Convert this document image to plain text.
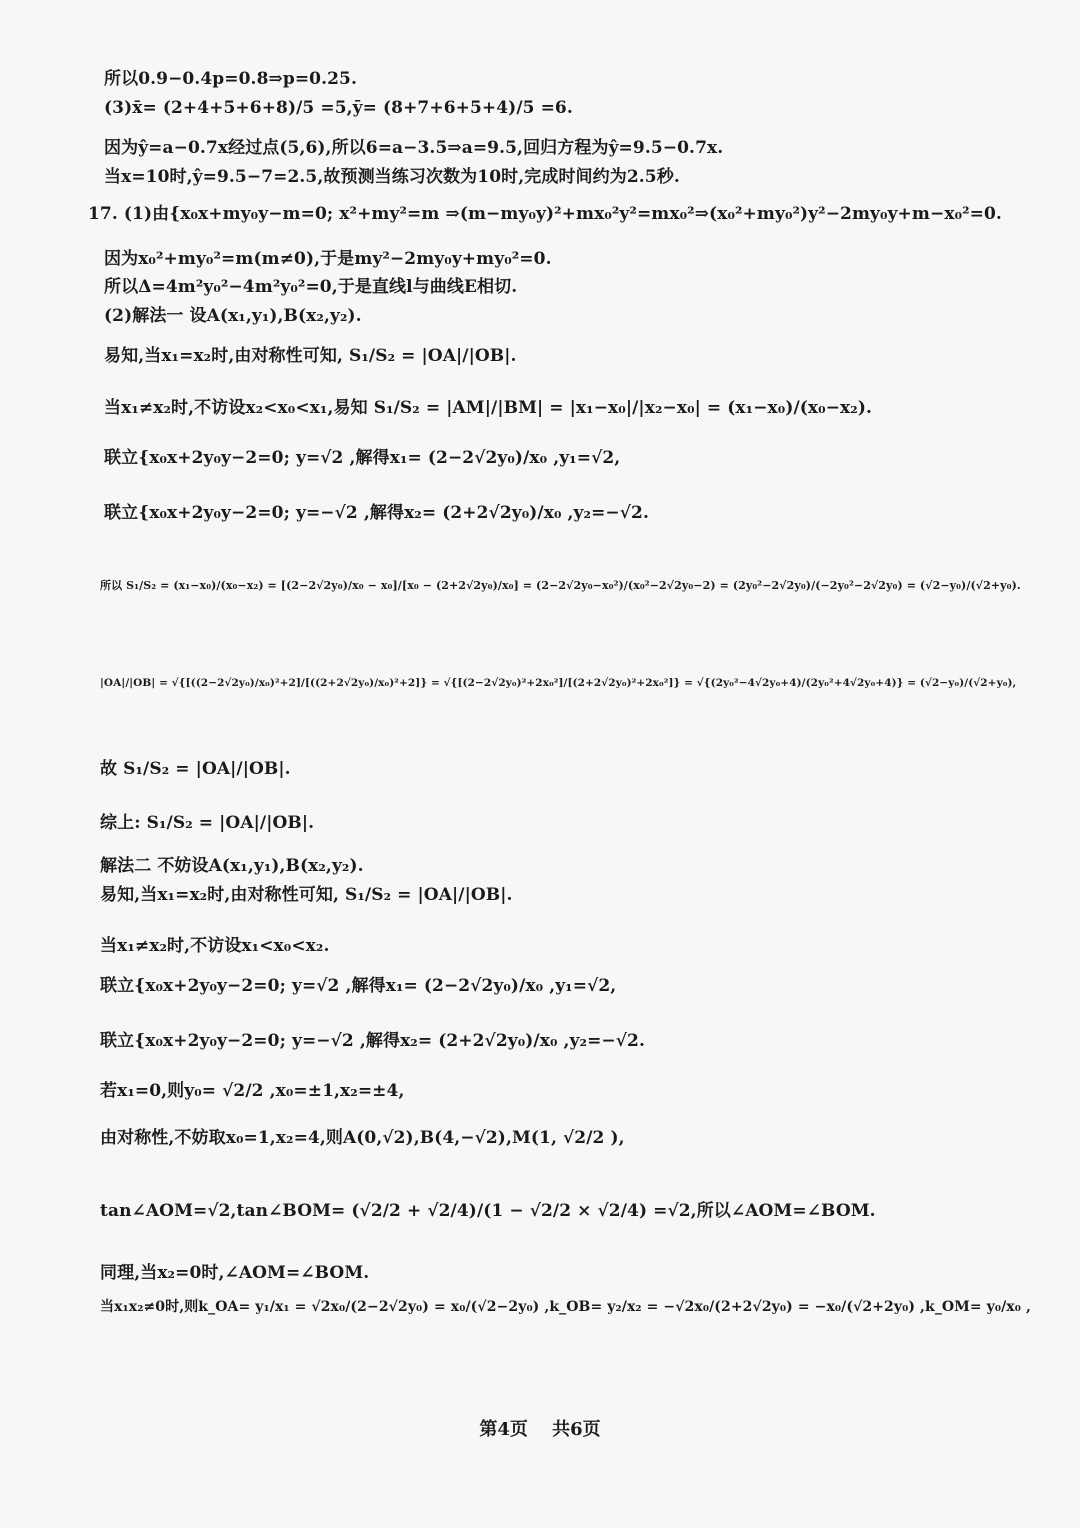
所以0.9−0.4p=0.8⇒p=0.25.
(3)x̄= (2+4+5+6+8)/5 =5,ȳ= (8+7+6+5+4)/5 =6.
因为ŷ=a−0.7x经过点(5,6),所以6=a−3.5⇒a=9.5,回归方程为ŷ=9.5−0.7x.
当x=10时,ŷ=9.5−7=2.5,故预测当练习次数为10时,完成时间约为2.5秒.
17. (1)由{x₀x+my₀y−m=0; x²+my²=m ⇒(m−my₀y)²+mx₀²y²=mx₀²⇒(x₀²+my₀²)y²−2my₀y+m−x₀²=0.
因为x₀²+my₀²=m(m≠0),于是my²−2my₀y+my₀²=0.
所以Δ=4m²y₀²−4m²y₀²=0,于是直线l与曲线E相切.
(2)解法一 设A(x₁,y₁),B(x₂,y₂).
易知,当x₁=x₂时,由对称性可知, S₁/S₂ = |OA|/|OB|.
当x₁≠x₂时,不访设x₂<x₀<x₁,易知 S₁/S₂ = |AM|/|BM| = |x₁−x₀|/|x₂−x₀| = (x₁−x₀)/(x₀−x₂).
联立{x₀x+2y₀y−2=0; y=√2 ,解得x₁= (2−2√2y₀)/x₀ ,y₁=√2,
联立{x₀x+2y₀y−2=0; y=−√2 ,解得x₂= (2+2√2y₀)/x₀ ,y₂=−√2.
所以 S₁/S₂ = (x₁−x₀)/(x₀−x₂) = [(2−2√2y₀)/x₀ − x₀]/[x₀ − (2+2√2y₀)/x₀] = (2−2√2y₀−x₀²)/(x₀²−2√2y₀−2) = (2y₀²−2√2y₀)/(−2y₀²−2√2y₀) = (√2−y₀)/(√2+y₀).
|OA|/|OB| = √{[((2−2√2y₀)/x₀)²+2]/[((2+2√2y₀)/x₀)²+2]} = √{[(2−2√2y₀)²+2x₀²]/[(2+2√2y₀)²+2x₀²]} = √{(2y₀²−4√2y₀+4)/(2y₀²+4√2y₀+4)} = (√2−y₀)/(√2+y₀),
故 S₁/S₂ = |OA|/|OB|.
综上: S₁/S₂ = |OA|/|OB|.
解法二 不妨设A(x₁,y₁),B(x₂,y₂).
易知,当x₁=x₂时,由对称性可知, S₁/S₂ = |OA|/|OB|.
当x₁≠x₂时,不访设x₁<x₀<x₂.
联立{x₀x+2y₀y−2=0; y=√2 ,解得x₁= (2−2√2y₀)/x₀ ,y₁=√2,
联立{x₀x+2y₀y−2=0; y=−√2 ,解得x₂= (2+2√2y₀)/x₀ ,y₂=−√2.
若x₁=0,则y₀= √2/2 ,x₀=±1,x₂=±4,
由对称性,不妨取x₀=1,x₂=4,则A(0,√2),B(4,−√2),M(1, √2/2 ),
tan∠AOM=√2,tan∠BOM= (√2/2 + √2/4)/(1 − √2/2 × √2/4) =√2,所以∠AOM=∠BOM.
同理,当x₂=0时,∠AOM=∠BOM.
当x₁x₂≠0时,则k_OA= y₁/x₁ = √2x₀/(2−2√2y₀) = x₀/(√2−2y₀) ,k_OB= y₂/x₂ = −√2x₀/(2+2√2y₀) = −x₀/(√2+2y₀) ,k_OM= y₀/x₀ ,
第4页　 共6页
